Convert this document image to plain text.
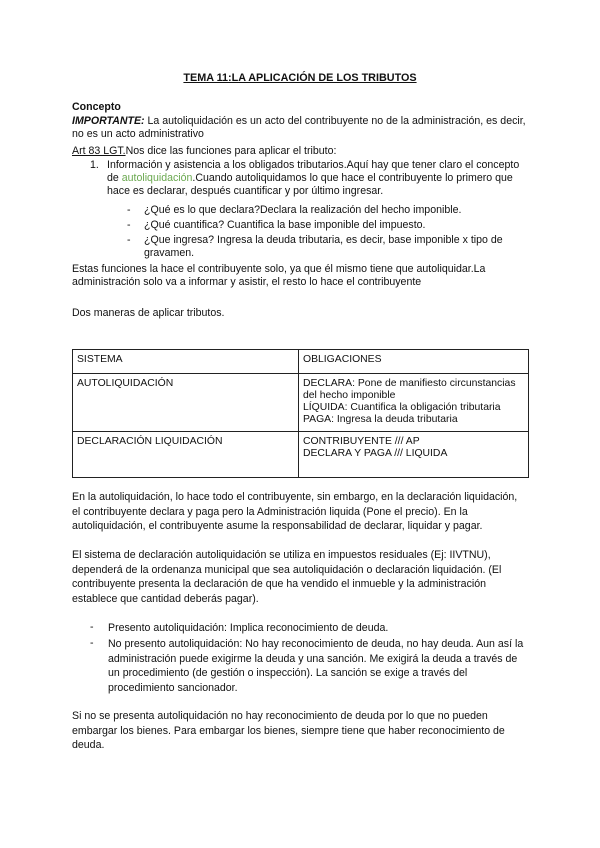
TEMA 11:LA APLICACIÓN DE LOS TRIBUTOS
Concepto
IMPORTANTE: La autoliquidación es un acto del contribuyente no de la administración, es decir, no es un acto administrativo
Art 83 LGT.Nos dice las funciones para aplicar el tributo:
1. Información y asistencia a los obligados tributarios.Aquí hay que tener claro el concepto de autoliquidación.Cuando autoliquidamos lo que hace el contribuyente lo primero que hace es declarar, después cuantificar y por último ingresar.
- ¿Qué es lo que declara?Declara la realización del hecho imponible.
- ¿Qué cuantifica? Cuantifica la base imponible del impuesto.
- ¿Que ingresa? Ingresa la deuda tributaria, es decir, base imponible x tipo de gravamen.
Estas funciones la hace el contribuyente solo, ya que él mismo tiene que autoliquidar.La administración solo va a informar y asistir, el resto lo hace el contribuyente
Dos maneras de aplicar tributos.
SISTEMA	OBLIGACIONES
AUTOLIQUIDACIÓN	DECLARA: Pone de manifiesto circunstancias del hecho imponible
LÍQUIDA: Cuantifica la obligación tributaria
PAGA: Ingresa la deuda tributaria

DECLARACIÓN LIQUIDACIÓN	CONTRIBUYENTE /// AP
DECLARA Y PAGA /// LIQUIDA
En la autoliquidación, lo hace todo el contribuyente, sin embargo, en la declaración liquidación, el contribuyente declara y paga pero la Administración liquida (Pone el precio). En la autoliquidación, el contribuyente asume la responsabilidad de declarar, liquidar y pagar.
El sistema de declaración autoliquidación se utiliza en impuestos residuales (Ej: IIVTNU), dependerá de la ordenanza municipal que sea autoliquidación o declaración liquidación. (El contribuyente presenta la declaración de que ha vendido el inmueble y la administración establece que cantidad deberás pagar).
- Presento autoliquidación: Implica reconocimiento de deuda.
- No presento autoliquidación: No hay reconocimiento de deuda, no hay deuda. Aun así la administración puede exigirme la deuda y una sanción. Me exigirá la deuda a través de un procedimiento (de gestión o inspección). La sanción se exige a través del procedimiento sancionador.
Si no se presenta autoliquidación no hay reconocimiento de deuda por lo que no pueden embargar los bienes. Para embargar los bienes, siempre tiene que haber reconocimiento de deuda.
